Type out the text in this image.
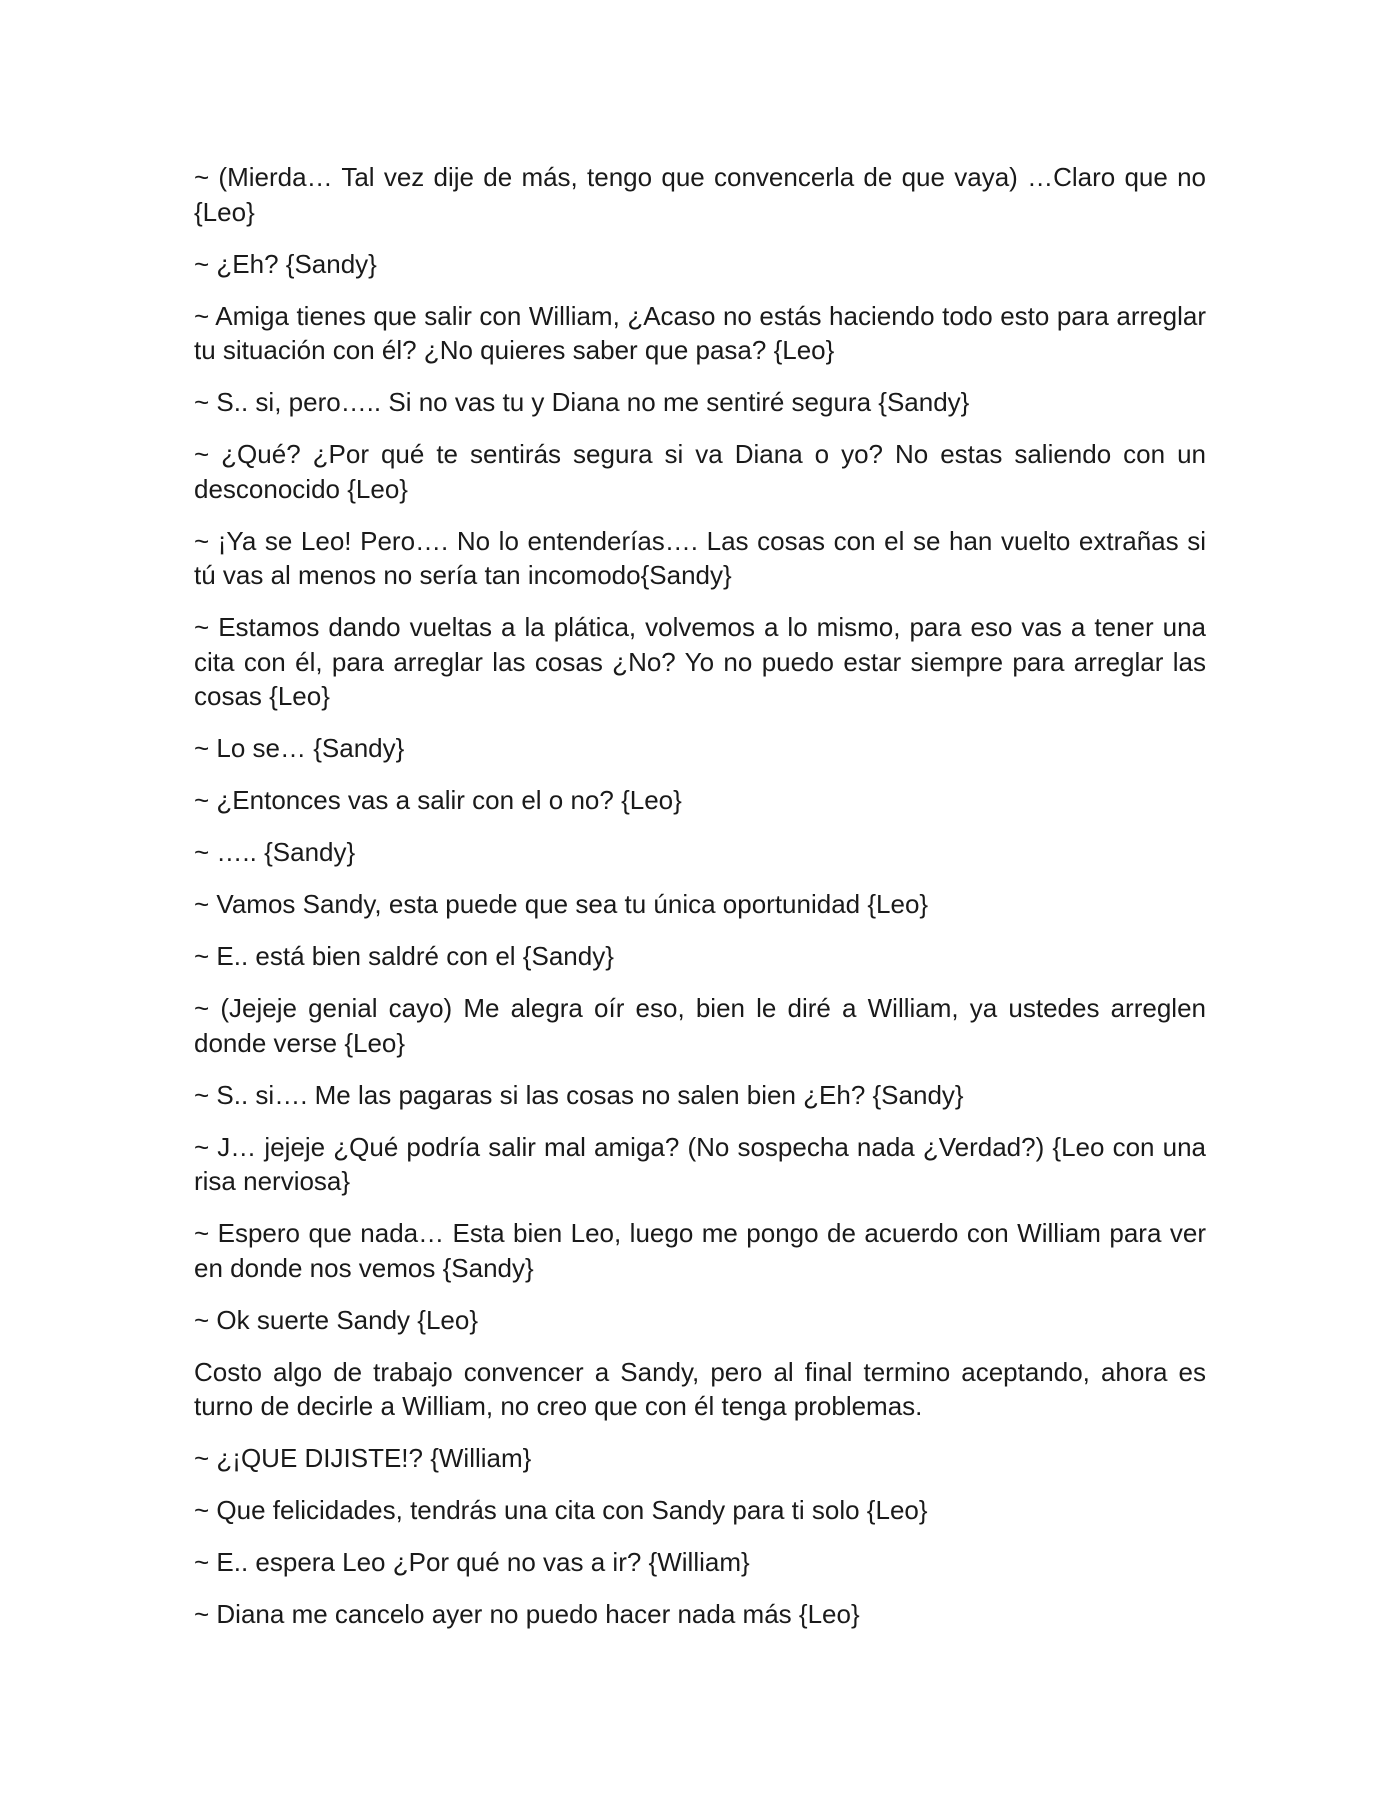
~ (Mierda… Tal vez dije de más, tengo que convencerla de que vaya) …Claro que no {Leo}

~ ¿Eh? {Sandy}

~ Amiga tienes que salir con William, ¿Acaso no estás haciendo todo esto para arreglar tu situación con él? ¿No quieres saber que pasa? {Leo}

~ S.. si, pero….. Si no vas tu y Diana no me sentiré segura {Sandy}

~ ¿Qué? ¿Por qué te sentirás segura si va Diana o yo? No estas saliendo con un desconocido {Leo}

~ ¡Ya se Leo! Pero…. No lo entenderías…. Las cosas con el se han vuelto extrañas si tú vas al menos no sería tan incomodo{Sandy}

~ Estamos dando vueltas a la plática, volvemos a lo mismo, para eso vas a tener una cita con él, para arreglar las cosas ¿No? Yo no puedo estar siempre para arreglar las cosas {Leo}

~ Lo se… {Sandy}

~ ¿Entonces vas a salir con el o no? {Leo}

~ ….. {Sandy}

~ Vamos Sandy, esta puede que sea tu única oportunidad {Leo}

~ E.. está bien saldré con el {Sandy}

~ (Jejeje genial cayo) Me alegra oír eso, bien le diré a William, ya ustedes arreglen donde verse {Leo}

~ S.. si…. Me las pagaras si las cosas no salen bien ¿Eh? {Sandy}

~ J… jejeje ¿Qué podría salir mal amiga? (No sospecha nada ¿Verdad?) {Leo con una risa nerviosa}

~ Espero que nada… Esta bien Leo, luego me pongo de acuerdo con William para ver en donde nos vemos {Sandy}

~ Ok suerte Sandy {Leo}

Costo algo de trabajo convencer a Sandy, pero al final termino aceptando, ahora es turno de decirle a William, no creo que con él tenga problemas.

~ ¿¡QUE DIJISTE!? {William}

~ Que felicidades, tendrás una cita con Sandy para ti solo {Leo}

~ E.. espera Leo ¿Por qué no vas a ir? {William}

~ Diana me cancelo ayer no puedo hacer nada más {Leo}
